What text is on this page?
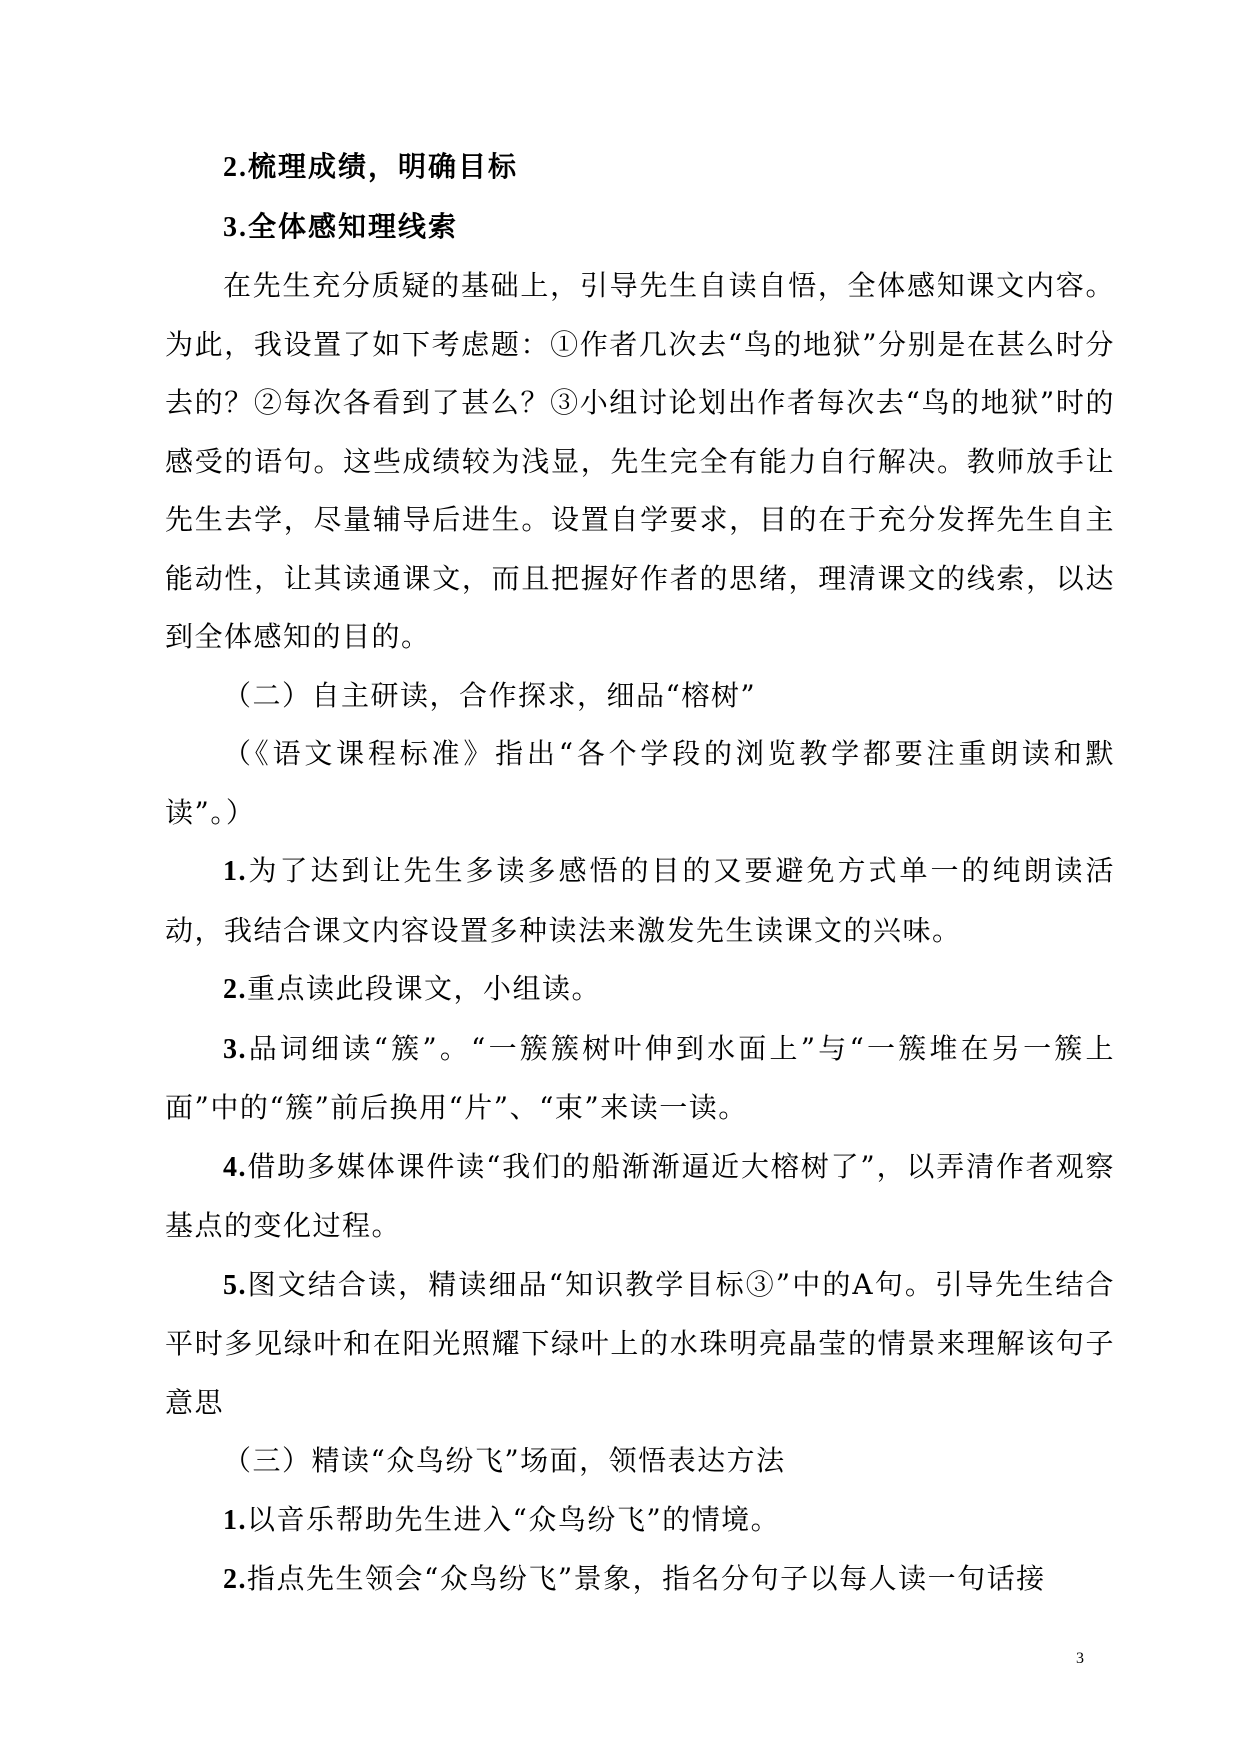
2.梳理成绩，明确目标

3.全体感知理线索

在先生充分质疑的基础上，引导先生自读自悟，全体感知课文内容。为此，我设置了如下考虑题：①作者几次去“鸟的地狱”分别是在甚么时分去的？②每次各看到了甚么？③小组讨论划出作者每次去“鸟的地狱”时的感受的语句。这些成绩较为浅显，先生完全有能力自行解决。教师放手让先生去学，尽量辅导后进生。设置自学要求，目的在于充分发挥先生自主能动性，让其读通课文，而且把握好作者的思绪，理清课文的线索，以达到全体感知的目的。

（二）自主研读，合作探求，细品“榕树”

（《语文课程标准》指出“各个学段的浏览教学都要注重朗读和默读”。）

1.为了达到让先生多读多感悟的目的又要避免方式单一的纯朗读活动，我结合课文内容设置多种读法来激发先生读课文的兴味。

2.重点读此段课文，小组读。

3.品词细读“簇”。“一簇簇树叶伸到水面上”与“一簇堆在另一簇上面”中的“簇”前后换用“片”、“束”来读一读。

4.借助多媒体课件读“我们的船渐渐逼近大榕树了”，以弄清作者观察基点的变化过程。

5.图文结合读，精读细品“知识教学目标③”中的A句。引导先生结合平时多见绿叶和在阳光照耀下绿叶上的水珠明亮晶莹的情景来理解该句子意思

（三）精读“众鸟纷飞”场面，领悟表达方法

1.以音乐帮助先生进入“众鸟纷飞”的情境。

2.指点先生领会“众鸟纷飞”景象，指名分句子以每人读一句话接

3
